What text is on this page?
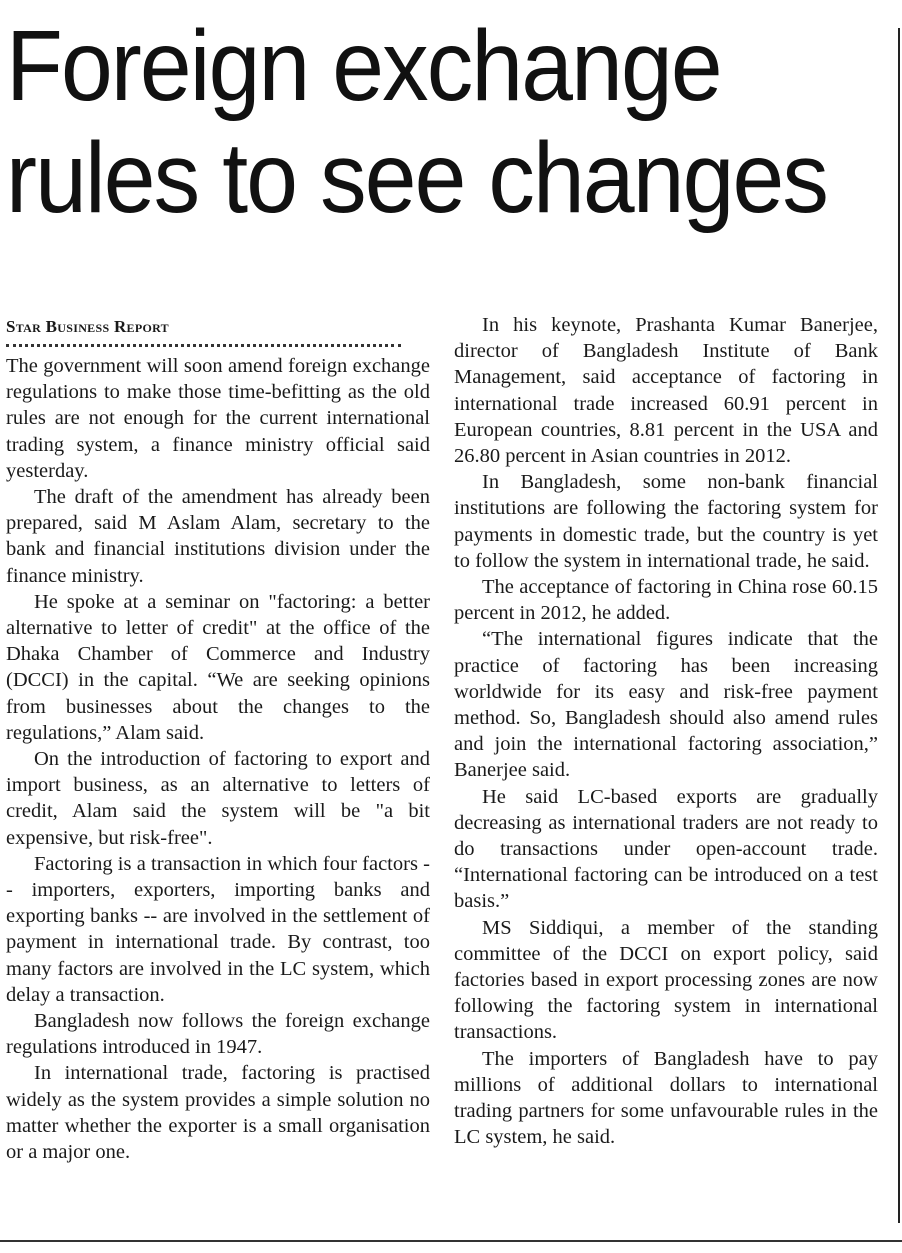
Foreign exchange
rules to see changes
Star Business Report

The government will soon amend foreign exchange regulations to make those time-befitting as the old rules are not enough for the current international trading system, a finance ministry official said yesterday.

The draft of the amendment has already been prepared, said M Aslam Alam, secretary to the bank and financial institutions division under the finance ministry.

He spoke at a seminar on "factoring: a better alternative to letter of credit" at the office of the Dhaka Chamber of Commerce and Industry (DCCI) in the capital. “We are seeking opinions from businesses about the changes to the regulations,” Alam said.

On the introduction of factoring to export and import business, as an alternative to letters of credit, Alam said the system will be "a bit expensive, but risk-free".

Factoring is a transaction in which four factors -- importers, exporters, importing banks and exporting banks -- are involved in the settlement of payment in international trade. By contrast, too many factors are involved in the LC system, which delay a transaction.

Bangladesh now follows the foreign exchange regulations introduced in 1947.

In international trade, factoring is practised widely as the system provides a simple solution no matter whether the exporter is a small organisation or a major one.

In his keynote, Prashanta Kumar Banerjee, director of Bangladesh Institute of Bank Management, said acceptance of factoring in international trade increased 60.91 percent in European countries, 8.81 percent in the USA and 26.80 percent in Asian countries in 2012.

In Bangladesh, some non-bank financial institutions are following the factoring system for payments in domestic trade, but the country is yet to follow the system in international trade, he said.

The acceptance of factoring in China rose 60.15 percent in 2012, he added.

“The international figures indicate that the practice of factoring has been increasing worldwide for its easy and risk-free payment method. So, Bangladesh should also amend rules and join the international factoring association,” Banerjee said.

He said LC-based exports are gradually decreasing as international traders are not ready to do transactions under open-account trade. “International factoring can be introduced on a test basis.”

MS Siddiqui, a member of the standing committee of the DCCI on export policy, said factories based in export processing zones are now following the factoring system in international transactions.

The importers of Bangladesh have to pay millions of additional dollars to international trading partners for some unfavourable rules in the LC system, he said.
